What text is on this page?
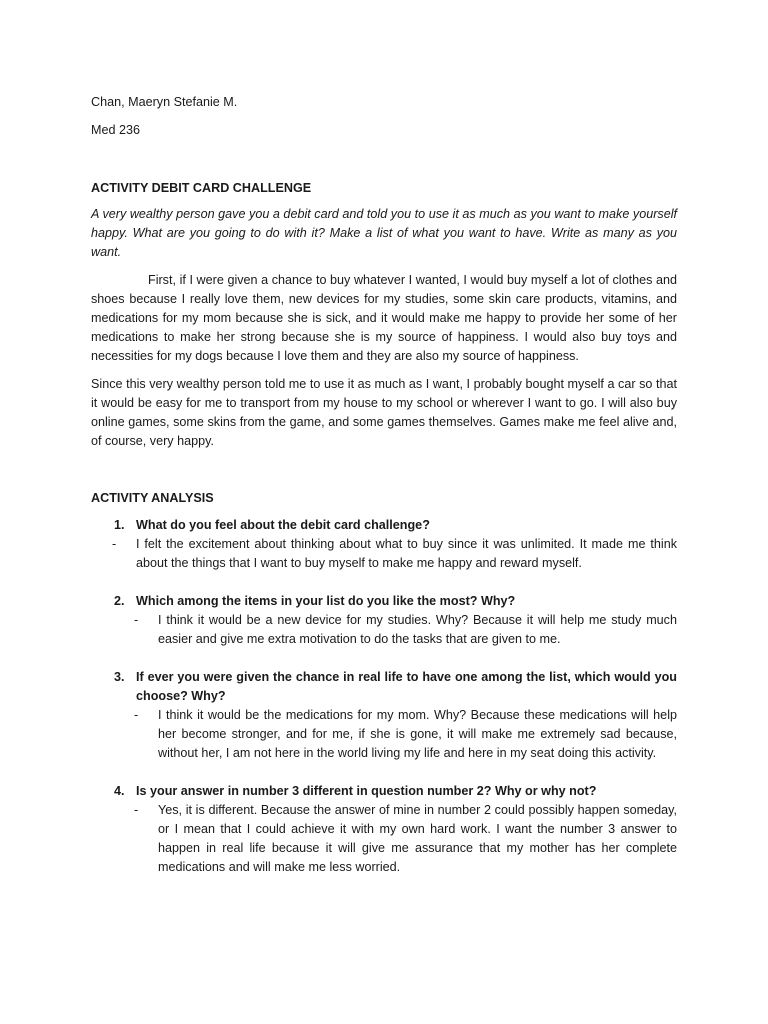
Chan, Maeryn Stefanie M.

Med 236

ACTIVITY DEBIT CARD CHALLENGE

A very wealthy person gave you a debit card and told you to use it as much as you want to make yourself happy. What are you going to do with it? Make a list of what you want to have. Write as many as you want.

First, if I were given a chance to buy whatever I wanted, I would buy myself a lot of clothes and shoes because I really love them, new devices for my studies, some skin care products, vitamins, and medications for my mom because she is sick, and it would make me happy to provide her some of her medications to make her strong because she is my source of happiness. I would also buy toys and necessities for my dogs because I love them and they are also my source of happiness.

Since this very wealthy person told me to use it as much as I want, I probably bought myself a car so that it would be easy for me to transport from my house to my school or wherever I want to go. I will also buy online games, some skins from the game, and some games themselves. Games make me feel alive and, of course, very happy.

ACTIVITY ANALYSIS

1. What do you feel about the debit card challenge?

- I felt the excitement about thinking about what to buy since it was unlimited. It made me think about the things that I want to buy myself to make me happy and reward myself.
2. Which among the items in your list do you like the most? Why?

- I think it would be a new device for my studies. Why? Because it will help me study much easier and give me extra motivation to do the tasks that are given to me.
3. If ever you were given the chance in real life to have one among the list, which would you choose? Why?

- I think it would be the medications for my mom. Why? Because these medications will help her become stronger, and for me, if she is gone, it will make me extremely sad because, without her, I am not here in the world living my life and here in my seat doing this activity.
4. Is your answer in number 3 different in question number 2? Why or why not?

- Yes, it is different. Because the answer of mine in number 2 could possibly happen someday, or I mean that I could achieve it with my own hard work. I want the number 3 answer to happen in real life because it will give me assurance that my mother has her complete medications and will make me less worried.
